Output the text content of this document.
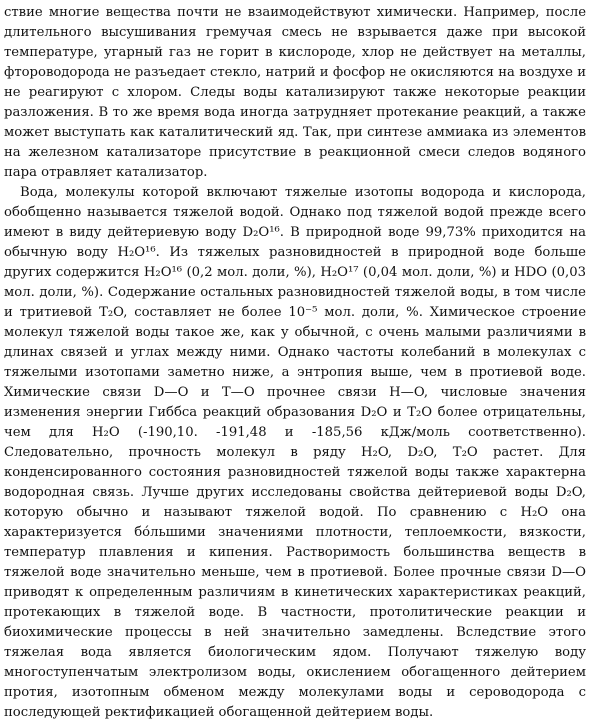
ствие многие вещества почти не взаимодействуют химически. Например, после длительного высушивания гремучая смесь не взрывается даже при высокой температуре, угарный газ не горит в кислороде, хлор не действует на металлы, фтороводорода не разъедает стекло, натрий и фосфор не окисляются на воздухе и не реагируют с хлором. Следы воды катализируют также некоторые реакции разложения. В то же время вода иногда затрудняет протекание реакций, а также может выступать как каталитический яд. Так, при синтезе аммиака из элементов на железном катализаторе присутствие в реакционной смеси следов водяного пара отравляет катализатор.

Вода, молекулы которой включают тяжелые изотопы водорода и кислорода, обобщенно называется тяжелой водой. Однако под тяжелой водой прежде всего имеют в виду дейтериевую воду D₂O¹⁶. В природной воде 99,73% приходится на обычную воду H₂O¹⁶. Из тяжелых разновидностей в природной воде больше других содержится H₂O¹⁶ (0,2 мол. доли, %), H₂O¹⁷ (0,04 мол. доли, %) и HDO (0,03 мол. доли, %). Содержание остальных разновидностей тяжелой воды, в том числе и тритиевой T₂O, составляет не более 10⁻⁵ мол. доли, %. Химическое строение молекул тяжелой воды такое же, как у обычной, с очень малыми различиями в длинах связей и углах между ними. Однако частоты колебаний в молекулах с тяжелыми изотопами заметно ниже, а энтропия выше, чем в протиевой воде. Химические связи D—O и T—O прочнее связи H—O, числовые значения изменения энергии Гиббса реакций образования D₂O и T₂O более отрицательны, чем для H₂O (-190,10. -191,48 и -185,56 кДж/моль соответственно). Следовательно, прочность молекул в ряду H₂O, D₂O, T₂O растет. Для конденсированного состояния разновидностей тяжелой воды также характерна водородная связь. Лучше других исследованы свойства дейтериевой воды D₂O, которую обычно и называют тяжелой водой. По сравнению с H₂O она характеризуется бо́льшими значениями плотности, теплоемкости, вязкости, температур плавления и кипения. Растворимость большинства веществ в тяжелой воде значительно меньше, чем в протиевой. Более прочные связи D—O приводят к определенным различиям в кинетических характеристиках реакций, протекающих в тяжелой воде. В частности, протолитические реакции и биохимические процессы в ней значительно замедлены. Вследствие этого тяжелая вода является биологическим ядом. Получают тяжелую воду многоступенчатым электролизом воды, окислением обогащенного дейтерием протия, изотопным обменом между молекулами воды и сероводорода с последующей ректификацией обогащенной дейтерием воды.
